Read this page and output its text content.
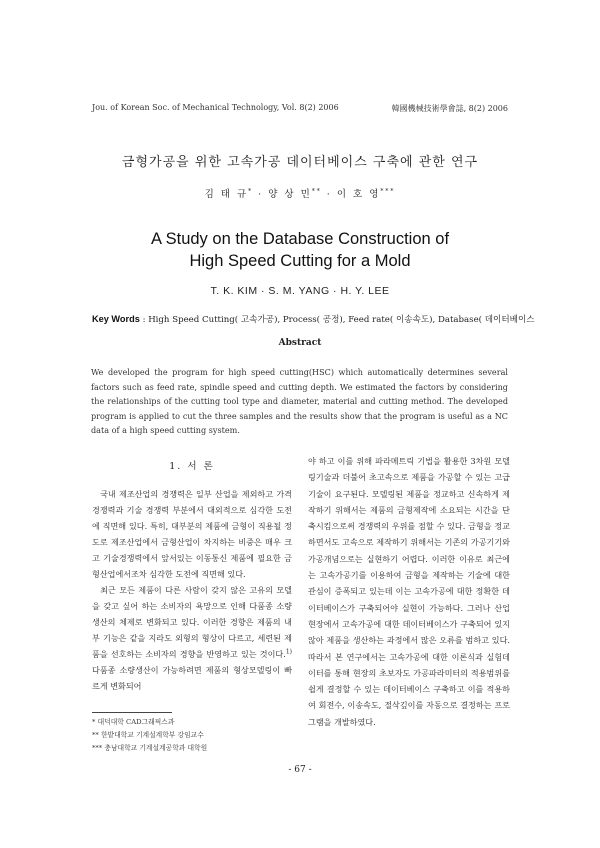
Jou. of Korean Soc. of Mechanical Technology, Vol. 8(2) 2006	韓國機械技術學會誌, 8(2) 2006
금형가공을 위한 고속가공 데이터베이스 구축에 관한 연구
김 태 규* · 양 상 민** · 이 호 영***
A Study on the Database Construction of
High Speed Cutting for a Mold
T. K. KIM · S. M. YANG · H. Y. LEE
Key Words : High Speed Cutting( 고속가공), Process( 공정), Feed rate( 이송속도), Database( 데이터베이스
Abstract
We developed the program for high speed cutting(HSC) which automatically determines several factors such as feed rate, spindle speed and cutting depth. We estimated the factors by considering the relationships of the cutting tool type and diameter, material and cutting method. The developed program is applied to cut the three samples and the results show that the program is useful as a NC data of a high speed cutting system.
1. 서 론

국내 제조산업의 경쟁력은 일부 산업을 제외하고 가격 경쟁력과 기술 경쟁력 부분에서 대외적으로 심각한 도전에 직면해 있다. 특히, 대부분의 제품에 금형이 직용될 정도로 제조산업에서 금형산업이 차지하는 비중은 매우 크고 기술경쟁력에서 앞서있는 이동통신 제품에 필요한 금형산업에서조차 심각한 도전에 직면해 있다.

최근 모든 제품이 다른 사람이 갖지 않은 고유의 모델을 갖고 싶어 하는 소비자의 욕망으로 인해 다품종 소량생산의 체제로 변화되고 있다. 이러한 경향은 제품의 내부 기능은 같을 지라도 외형의 형상이 다르고, 세련된 제품을 선호하는 소비자의 경향을 반영하고 있는 것이다.$^{1)}$ 다품종 소량생산이 가능하려면 제품의 형상모델링이 빠르게 변화되어

야 하고 이를 위해 파라메트릭 기법을 활용한 3차원 모델링기술과 더불어 초고속으로 제품을 가공할 수 있는 고급기술이 요구된다. 모델링된 제품을 정교하고 신속하게 제작하기 위해서는 제품의 금형제작에 소요되는 시간을 단축시킴으로써 경쟁력의 우위를 점할 수 있다. 금형을 정교하면서도 고속으로 제작하기 위해서는 기존의 가공기기와 가공개념으로는 실현하기 어렵다. 이러한 이유로 최근에는 고속가공기를 이용하여 금형을 제작하는 기술에 대한 관심이 증폭되고 있는데 이는 고속가공에 대한 정확한 데이터베이스가 구축되어야 실현이 가능하다. 그러나 산업현장에서 고속가공에 대한 데이터베이스가 구축되어 있지 않아 제품을 생산하는 과정에서 많은 오류를 범하고 있다. 따라서 본 연구에서는 고속가공에 대한 이론식과 실험데이터를 통해 현장의 초보자도 가공파라미터의 적용범위를 쉽게 결정할 수 있는 데이터베이스 구축하고 이를 적용하여 회전수, 이송속도, 절삭깊이를 자동으로 결정하는 프로그램을 개발하였다.

* 대덕대학 CAD그래픽스과
** 한밭대학교 기계설계학부 강임교수
*** 충남대학교 기계설계공학과 대학원
- 67 -
